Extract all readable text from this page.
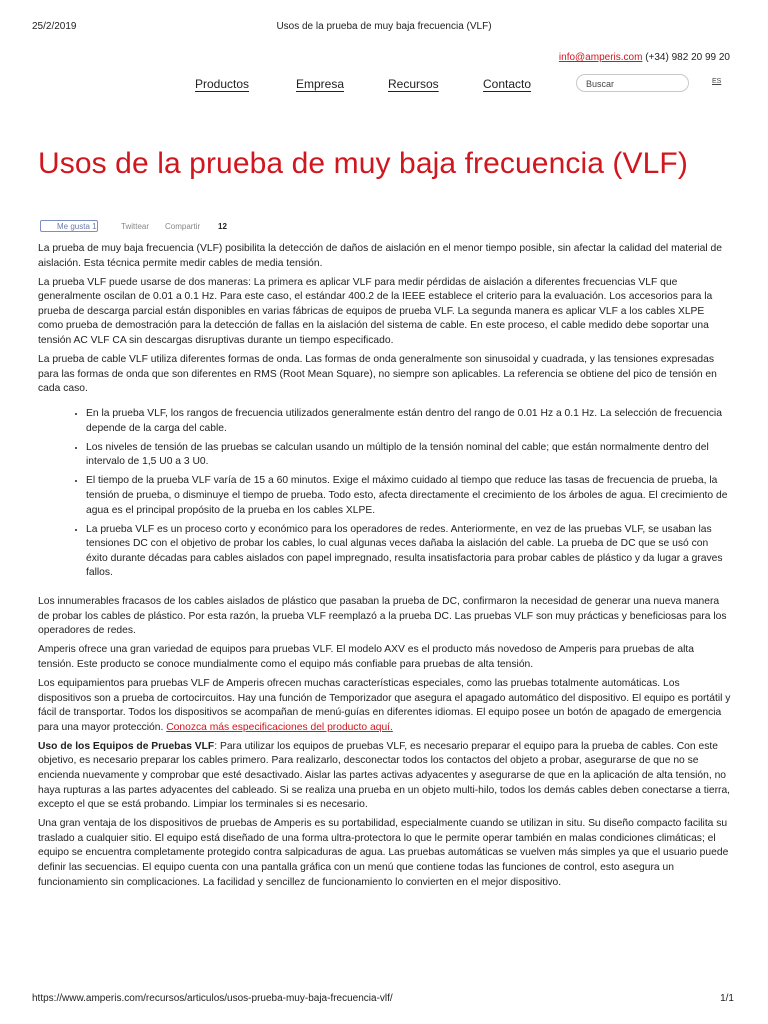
25/2/2019	Usos de la prueba de muy baja frecuencia (VLF)
info@amperis.com (+34) 982 20 99 20
Productos	Empresa	Recursos	Contacto	Buscar	ES
Usos de la prueba de muy baja frecuencia (VLF)
Me gusta 1	Twittear Compartir 12

La prueba de muy baja frecuencia (VLF) posibilita la detección de daños de aislación en el menor tiempo posible, sin afectar la calidad del material de aislación. Esta técnica permite medir cables de media tensión.

La prueba VLF puede usarse de dos maneras: La primera es aplicar VLF para medir pérdidas de aislación a diferentes frecuencias VLF que generalmente oscilan de 0.01 a 0.1 Hz. Para este caso, el estándar 400.2 de la IEEE establece el criterio para la evaluación. Los accesorios para la prueba de descarga parcial están disponibles en varias fábricas de equipos de prueba VLF. La segunda manera es aplicar VLF a los cables XLPE como prueba de demostración para la detección de fallas en la aislación del sistema de cable. En este proceso, el cable medido debe soportar una tensión AC VLF CA sin descargas disruptivas durante un tiempo especificado.

La prueba de cable VLF utiliza diferentes formas de onda. Las formas de onda generalmente son sinusoidal y cuadrada, y las tensiones expresadas para las formas de onda que son diferentes en RMS (Root Mean Square), no siempre son aplicables. La referencia se obtiene del pico de tensión en cada caso.

• En la prueba VLF, los rangos de frecuencia utilizados generalmente están dentro del rango de 0.01 Hz a 0.1 Hz. La selección de frecuencia depende de la carga del cable.
• Los niveles de tensión de las pruebas se calculan usando un múltiplo de la tensión nominal del cable; que están normalmente dentro del intervalo de 1,5 U0 a 3 U0.
• El tiempo de la prueba VLF varía de 15 a 60 minutos. Exige el máximo cuidado al tiempo que reduce las tasas de frecuencia de prueba, la tensión de prueba, o disminuye el tiempo de prueba. Todo esto, afecta directamente el crecimiento de los árboles de agua. El crecimiento de agua es el principal propósito de la prueba en los cables XLPE.
• La prueba VLF es un proceso corto y económico para los operadores de redes. Anteriormente, en vez de las pruebas VLF, se usaban las tensiones DC con el objetivo de probar los cables, lo cual algunas veces dañaba la aislación del cable. La prueba de DC que se usó con éxito durante décadas para cables aislados con papel impregnado, resulta insatisfactoria para probar cables de plástico y da lugar a graves fallos.

Los innumerables fracasos de los cables aislados de plástico que pasaban la prueba de DC, confirmaron la necesidad de generar una nueva manera de probar los cables de plástico. Por esta razón, la prueba VLF reemplazó a la prueba DC. Las pruebas VLF son muy prácticas y beneficiosas para los operadores de redes.

Amperis ofrece una gran variedad de equipos para pruebas VLF. El modelo AXV es el producto más novedoso de Amperis para pruebas de alta tensión. Este producto se conoce mundialmente como el equipo más confiable para pruebas de alta tensión.

Los equipamientos para pruebas VLF de Amperis ofrecen muchas características especiales, como las pruebas totalmente automáticas. Los dispositivos son a prueba de cortocircuitos. Hay una función de Temporizador que asegura el apagado automático del dispositivo. El equipo es portátil y fácil de transportar. Todos los dispositivos se acompañan de menú-guías en diferentes idiomas. El equipo posee un botón de apagado de emergencia para una mayor protección. Conozca más especificaciones del producto aquí.

Uso de los Equipos de Pruebas VLF: Para utilizar los equipos de pruebas VLF, es necesario preparar el equipo para la prueba de cables. Con este objetivo, es necesario preparar los cables primero. Para realizarlo, desconectar todos los contactos del objeto a probar, asegurarse de que no se encienda nuevamente y comprobar que esté desactivado. Aislar las partes activas adyacentes y asegurarse de que en la aplicación de alta tensión, no haya rupturas a las partes adyacentes del cableado. Si se realiza una prueba en un objeto multi-hilo, todos los demás cables deben conectarse a tierra, excepto el que se está probando. Limpiar los terminales si es necesario.

Una gran ventaja de los dispositivos de pruebas de Amperis es su portabilidad, especialmente cuando se utilizan in situ. Su diseño compacto facilita su traslado a cualquier sitio. El equipo está diseñado de una forma ultra-protectora lo que le permite operar también en malas condiciones climáticas; el equipo se encuentra completamente protegido contra salpicaduras de agua. Las pruebas automáticas se vuelven más simples ya que el usuario puede definir las secuencias. El equipo cuenta con una pantalla gráfica con un menú que contiene todas las funciones de control, esto asegura un funcionamiento sin complicaciones. La facilidad y sencillez de funcionamiento lo convierten en el mejor dispositivo.

https://www.amperis.com/recursos/articulos/usos-prueba-muy-baja-frecuencia-vlf/	1/1
